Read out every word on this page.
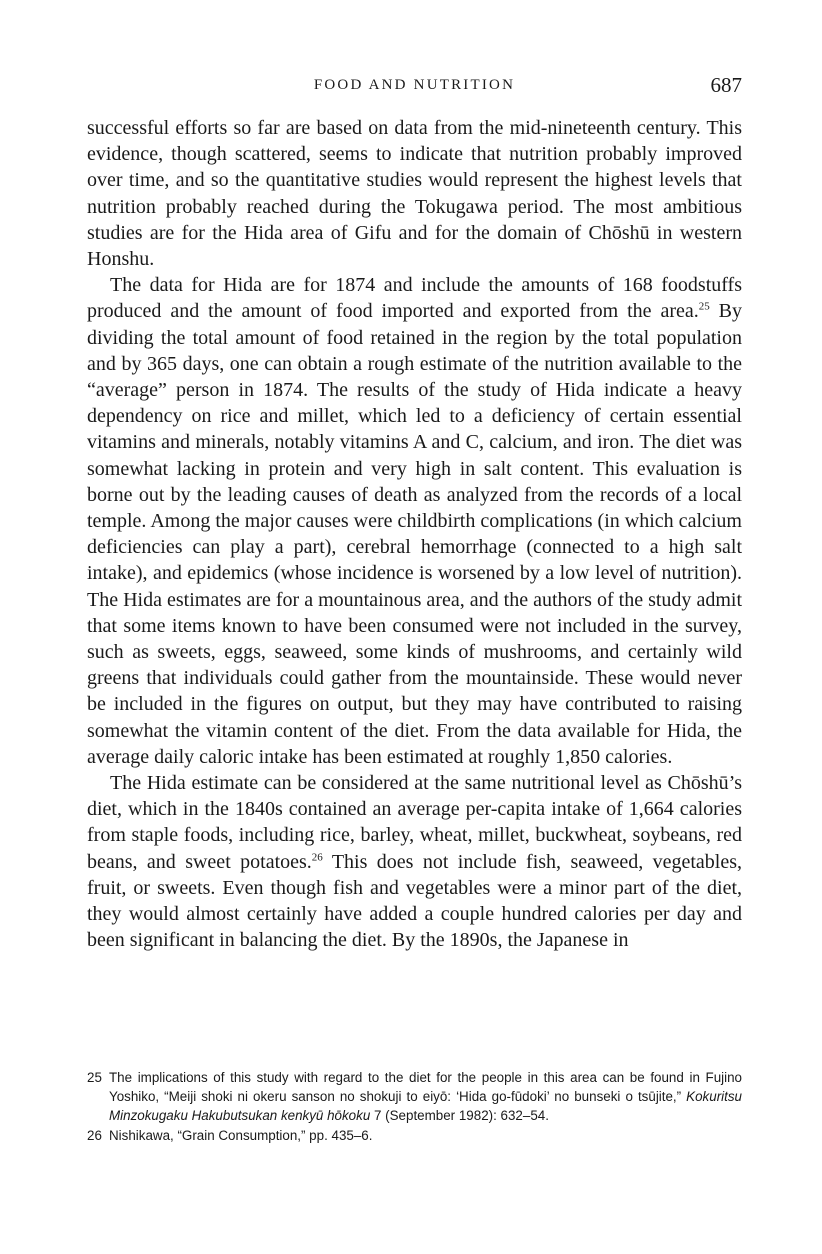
FOOD AND NUTRITION	687

successful efforts so far are based on data from the mid-nineteenth century. This evidence, though scattered, seems to indicate that nutrition probably improved over time, and so the quantitative studies would represent the highest levels that nutrition probably reached during the Tokugawa period. The most ambitious studies are for the Hida area of Gifu and for the domain of Chōshū in western Honshu.

The data for Hida are for 1874 and include the amounts of 168 foodstuffs produced and the amount of food imported and exported from the area.$^{25}$ By dividing the total amount of food retained in the region by the total population and by 365 days, one can obtain a rough estimate of the nutrition available to the “average” person in 1874. The results of the study of Hida indicate a heavy dependency on rice and millet, which led to a deficiency of certain essential vitamins and minerals, notably vitamins A and C, calcium, and iron. The diet was somewhat lacking in protein and very high in salt content. This evaluation is borne out by the leading causes of death as analyzed from the records of a local temple. Among the major causes were childbirth complications (in which calcium deficiencies can play a part), cerebral hemorrhage (connected to a high salt intake), and epidemics (whose incidence is worsened by a low level of nutrition). The Hida estimates are for a mountainous area, and the authors of the study admit that some items known to have been consumed were not included in the survey, such as sweets, eggs, seaweed, some kinds of mushrooms, and certainly wild greens that individuals could gather from the mountainside. These would never be included in the figures on output, but they may have contributed to raising somewhat the vitamin content of the diet. From the data available for Hida, the average daily caloric intake has been estimated at roughly 1,850 calories.

The Hida estimate can be considered at the same nutritional level as Chōshū’s diet, which in the 1840s contained an average per-capita intake of 1,664 calories from staple foods, including rice, barley, wheat, millet, buckwheat, soybeans, red beans, and sweet potatoes.$^{26}$ This does not include fish, seaweed, vegetables, fruit, or sweets. Even though fish and vegetables were a minor part of the diet, they would almost certainly have added a couple hundred calories per day and been significant in balancing the diet. By the 1890s, the Japanese in

25 The implications of this study with regard to the diet for the people in this area can be found in Fujino Yoshiko, “Meiji shoki ni okeru sanson no shokuji to eiyō: ‘Hida go-fūdoki’ no bunseki o tsūjite,” Kokuritsu Minzokugaku Hakubutsukan kenkyū hōkoku 7 (September 1982): 632–54.
26 Nishikawa, “Grain Consumption,” pp. 435–6.
